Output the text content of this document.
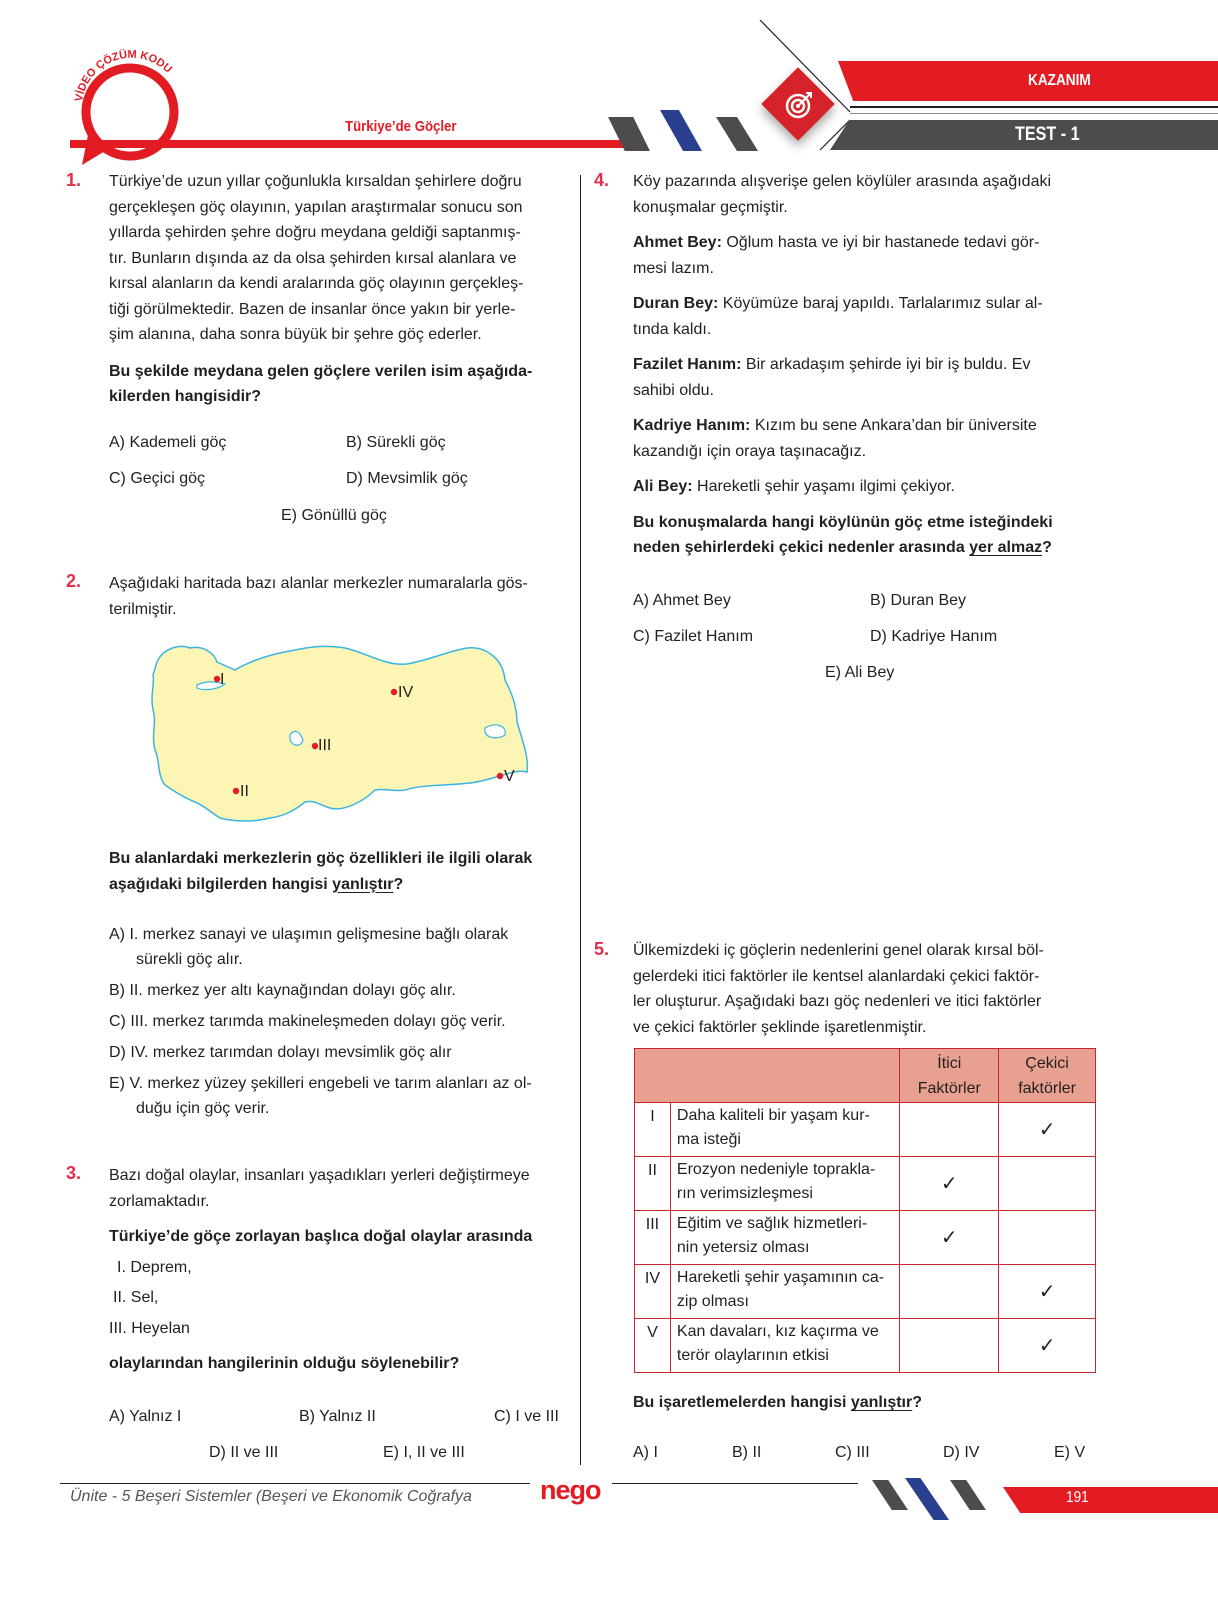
VİDEO ÇÖZÜM KODU
Türkiye’de Göçler
KAZANIM
TEST - 1
1. Türkiye’de uzun yıllar çoğunlukla kırsaldan şehirlere doğru
gerçekleşen göç olayının, yapılan araştırmalar sonucu son
yıllarda şehirden şehre doğru meydana geldiği saptanmış-
tır. Bunların dışında az da olsa şehirden kırsal alanlara ve
kırsal alanların da kendi aralarında göç olayının gerçekleş-
tiği görülmektedir. Bazen de insanlar önce yakın bir yerle-
şim alanına, daha sonra büyük bir şehre göç ederler.
Bu şekilde meydana gelen göçlere verilen isim aşağıda-
kilerden hangisidir?
A) Kademeli göç	B) Sürekli göç
C) Geçici göç	D) Mevsimlik göç
E) Gönüllü göç
2. Aşağıdaki haritada bazı alanlar merkezler numaralarla gös-
terilmiştir.
I
IV
III
V
II
Bu alanlardaki merkezlerin göç özellikleri ile ilgili olarak
aşağıdaki bilgilerden hangisi yanlıştır?
A) I. merkez sanayi ve ulaşımın gelişmesine bağlı olarak
sürekli göç alır.
B) II. merkez yer altı kaynağından dolayı göç alır.
C) III. merkez tarımda makineleşmeden dolayı göç verir.
D) IV. merkez tarımdan dolayı mevsimlik göç alır
E) V. merkez yüzey şekilleri engebeli ve tarım alanları az ol-
duğu için göç verir.
3. Bazı doğal olaylar, insanları yaşadıkları yerleri değiştirmeye
zorlamaktadır.
Türkiye’de göçe zorlayan başlıca doğal olaylar arasında
I. Deprem,
II. Sel,
III. Heyelan
olaylarından hangilerinin olduğu söylenebilir?
A) Yalnız I	B) Yalnız II	C) I ve III
D) II ve III	E) I, II ve III
4. Köy pazarında alışverişe gelen köylüler arasında aşağıdaki
konuşmalar geçmiştir.
Ahmet Bey: Oğlum hasta ve iyi bir hastanede tedavi gör-
mesi lazım.
Duran Bey: Köyümüze baraj yapıldı. Tarlalarımız sular al-
tında kaldı.
Fazilet Hanım: Bir arkadaşım şehirde iyi bir iş buldu. Ev
sahibi oldu.
Kadriye Hanım: Kızım bu sene Ankara’dan bir üniversite
kazandığı için oraya taşınacağız.
Ali Bey: Hareketli şehir yaşamı ilgimi çekiyor.
Bu konuşmalarda hangi köylünün göç etme isteğindeki
neden şehirlerdeki çekici nedenler arasında yer almaz?
A) Ahmet Bey	B) Duran Bey
C) Fazilet Hanım	D) Kadriye Hanım
E) Ali Bey
5. Ülkemizdeki iç göçlerin nedenlerini genel olarak kırsal böl-
gelerdeki itici faktörler ile kentsel alanlardaki çekici faktör-
ler oluşturur. Aşağıdaki bazı göç nedenleri ve itici faktörler
ve çekici faktörler şeklinde işaretlenmiştir.

İtici
Faktörler

Çekici
faktörler

I	Daha kaliteli bir yaşam kur-
ma isteği		✓
II	Erozyon nedeniyle toprakla-
rın verimsizleşmesi	✓	
III	Eğitim ve sağlık hizmetleri-
nin yetersiz olması	✓	
IV	Hareketli şehir yaşamının ca-
zip olması		✓
V	Kan davaları, kız kaçırma ve
terör olaylarının etkisi		✓
Bu işaretlemelerden hangisi yanlıştır?
A) I	B) II	C) III	D) IV	E) V
Ünite - 5 Beşeri Sistemler (Beşeri ve Ekonomik Coğrafya	nego	191
